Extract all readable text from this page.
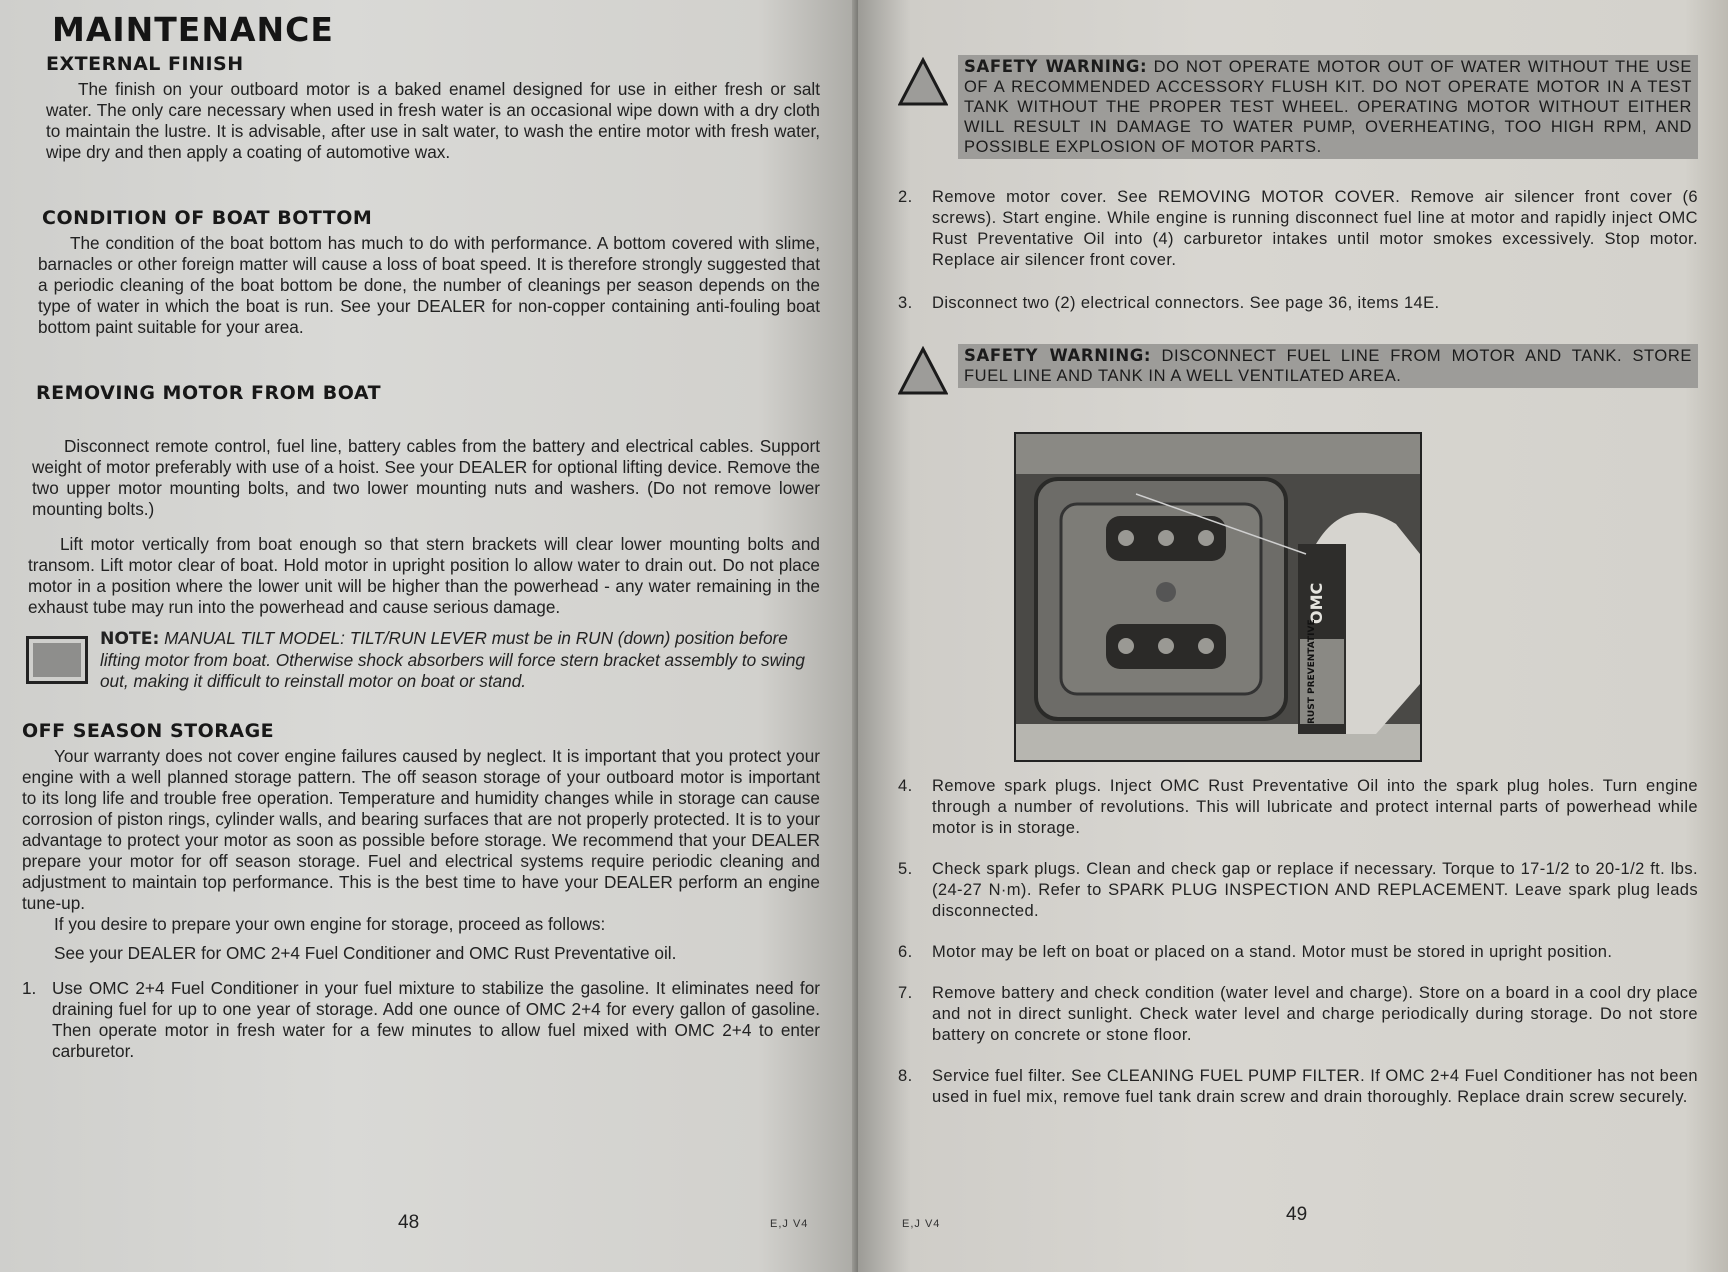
MAINTENANCE
EXTERNAL FINISH

The finish on your outboard motor is a baked enamel designed for use in either fresh or salt water. The only care necessary when used in fresh water is an occasional wipe down with a dry cloth to maintain the lustre. It is advisable, after use in salt water, to wash the entire motor with fresh water, wipe dry and then apply a coating of automotive wax.

CONDITION OF BOAT BOTTOM

The condition of the boat bottom has much to do with performance. A bottom covered with slime, barnacles or other foreign matter will cause a loss of boat speed. It is therefore strongly suggested that a periodic cleaning of the boat bottom be done, the number of cleanings per season depends on the type of water in which the boat is run. See your DEALER for non-copper containing anti-fouling boat bottom paint suitable for your area.

REMOVING MOTOR FROM BOAT

Disconnect remote control, fuel line, battery cables from the battery and electrical cables. Support weight of motor preferably with use of a hoist. See your DEALER for optional lifting device. Remove the two upper motor mounting bolts, and two lower mounting nuts and washers. (Do not remove lower mounting bolts.)

Lift motor vertically from boat enough so that stern brackets will clear lower mounting bolts and transom. Lift motor clear of boat. Hold motor in upright position lo allow water to drain out. Do not place motor in a position where the lower unit will be higher than the powerhead - any water remaining in the exhaust tube may run into the powerhead and cause serious damage.

NOTE: MANUAL TILT MODEL: TILT/RUN LEVER must be in RUN (down) position before lifting motor from boat. Otherwise shock absorbers will force stern bracket assembly to swing out, making it difficult to reinstall motor on boat or stand.
OFF SEASON STORAGE

Your warranty does not cover engine failures caused by neglect. It is important that you protect your engine with a well planned storage pattern. The off season storage of your outboard motor is important to its long life and trouble free operation. Temperature and humidity changes while in storage can cause corrosion of piston rings, cylinder walls, and bearing surfaces that are not properly protected. It is to your advantage to protect your motor as soon as possible before storage. We recommend that your DEALER prepare your motor for off season storage. Fuel and electrical systems require periodic cleaning and adjustment to maintain top performance. This is the best time to have your DEALER perform an engine tune-up.

If you desire to prepare your own engine for storage, proceed as follows:

See your DEALER for OMC 2+4 Fuel Conditioner and OMC Rust Preventative oil.

1. Use OMC 2+4 Fuel Conditioner in your fuel mixture to stabilize the gasoline. It eliminates need for draining fuel for up to one year of storage. Add one ounce of OMC 2+4 for every gallon of gasoline. Then operate motor in fresh water for a few minutes to allow fuel mixed with OMC 2+4 to enter carburetor.
48	E,J V4
SAFETY WARNING: DO NOT OPERATE MOTOR OUT OF WATER WITHOUT THE USE OF A RECOMMENDED ACCESSORY FLUSH KIT. DO NOT OPERATE MOTOR IN A TEST TANK WITHOUT THE PROPER TEST WHEEL. OPERATING MOTOR WITHOUT EITHER WILL RESULT IN DAMAGE TO WATER PUMP, OVERHEATING, TOO HIGH RPM, AND POSSIBLE EXPLOSION OF MOTOR PARTS.
2.	Remove motor cover. See REMOVING MOTOR COVER. Remove air silencer front cover (6 screws). Start engine. While engine is running disconnect fuel line at motor and rapidly inject OMC Rust Preventative Oil into (4) carburetor intakes until motor smokes excessively. Stop motor. Replace air silencer front cover.
3.	Disconnect two (2) electrical connectors. See page 36, items 14E.
SAFETY WARNING: DISCONNECT FUEL LINE FROM MOTOR AND TANK. STORE FUEL LINE AND TANK IN A WELL VENTILATED AREA.
OMC
RUST PREVENTATIVE
4.	Remove spark plugs. Inject OMC Rust Preventative Oil into the spark plug holes. Turn engine through a number of revolutions. This will lubricate and protect internal parts of powerhead while motor is in storage.
5.	Check spark plugs. Clean and check gap or replace if necessary. Torque to 17-1/2 to 20-1/2 ft. lbs. (24-27 N·m). Refer to SPARK PLUG INSPECTION AND REPLACEMENT. Leave spark plug leads disconnected.
6.	Motor may be left on boat or placed on a stand. Motor must be stored in upright position.
7.	Remove battery and check condition (water level and charge). Store on a board in a cool dry place and not in direct sunlight. Check water level and charge periodically during storage. Do not store battery on concrete or stone floor.
8.	Service fuel filter. See CLEANING FUEL PUMP FILTER. If OMC 2+4 Fuel Conditioner has not been used in fuel mix, remove fuel tank drain screw and drain thoroughly. Replace drain screw securely.
E,J V4	49
